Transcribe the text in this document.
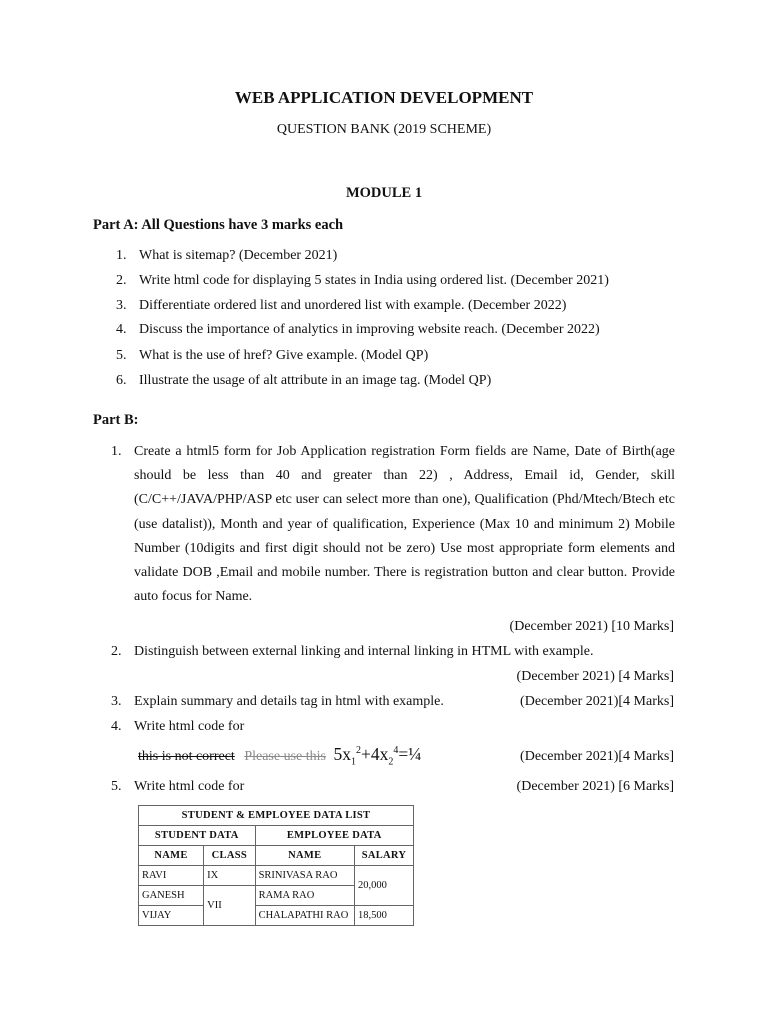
WEB APPLICATION DEVELOPMENT
QUESTION BANK (2019 SCHEME)
MODULE 1
Part A: All Questions have 3 marks each
1. What is sitemap? (December 2021)
2. Write html code for displaying 5 states in India using ordered list. (December 2021)
3. Differentiate ordered list and unordered list with example. (December 2022)
4. Discuss the importance of analytics in improving website reach. (December 2022)
5. What is the use of href? Give example. (Model QP)
6. Illustrate the usage of alt attribute in an image tag. (Model QP)
Part B:
1. Create a html5 form for Job Application registration Form fields are Name, Date of Birth(age should be less than 40 and greater than 22) , Address, Email id, Gender, skill (C/C++/JAVA/PHP/ASP etc user can select more than one), Qualification (Phd/Mtech/Btech etc (use datalist)), Month and year of qualification, Experience (Max 10 and minimum 2) Mobile Number (10digits and first digit should not be zero) Use most appropriate form elements and validate DOB ,Email and mobile number. There is registration button and clear button. Provide auto focus for Name.
(December 2021) [10 Marks]
2. Distinguish between external linking and internal linking in HTML with example.
(December 2021) [4 Marks]
3. Explain summary and details tag in html with example.	(December 2021)[4 Marks]
4. Write html code for
this is not correct Please use this $5x_1^2+4x_2^4=\frac{1}{4}$	(December 2021)[4 Marks]
5. Write html code for	(December 2021) [6 Marks]
STUDENT & EMPLOYEE DATA LIST			
STUDENT DATA		EMPLOYEE DATA	
NAME	CLASS	NAME	SALARY
RAVI	IX	SRINIVASA RAO	20,000
GANESH	VII	RAMA RAO	
VIJAY		CHALAPATHI RAO	18,500
